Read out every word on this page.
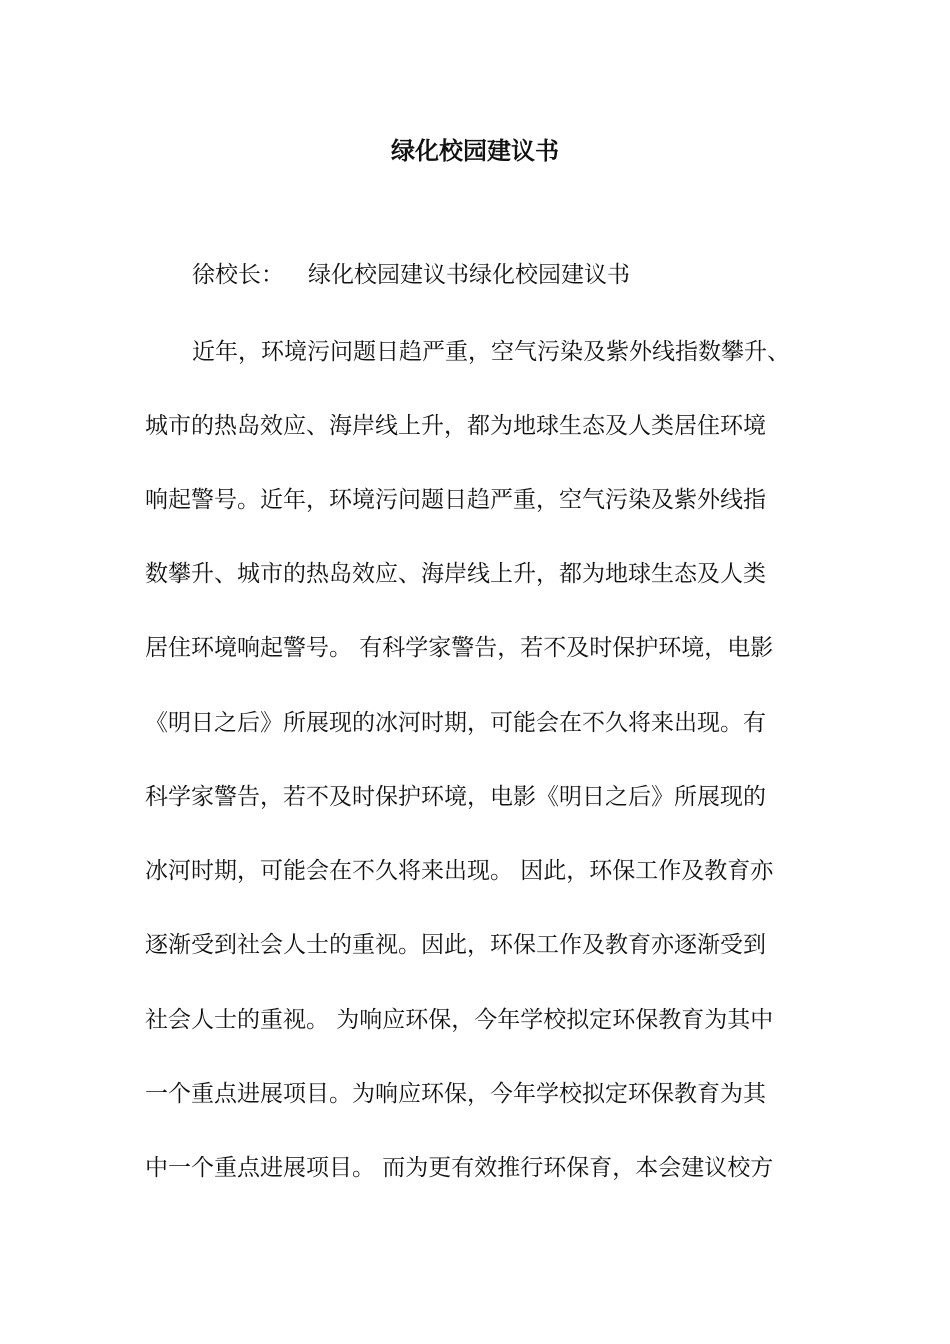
绿化校园建议书

徐校长： 绿化校园建议书绿化校园建议书

近年，环境污问题日趋严重，空气污染及紫外线指数攀升、

城市的热岛效应、海岸线上升，都为地球生态及人类居住环境

响起警号。近年，环境污问题日趋严重，空气污染及紫外线指

数攀升、城市的热岛效应、海岸线上升，都为地球生态及人类

居住环境响起警号。 有科学家警告，若不及时保护环境，电影

《明日之后》所展现的冰河时期，可能会在不久将来出现。有

科学家警告，若不及时保护环境，电影《明日之后》所展现的

冰河时期，可能会在不久将来出现。 因此，环保工作及教育亦

逐渐受到社会人士的重视。因此，环保工作及教育亦逐渐受到

社会人士的重视。 为响应环保，今年学校拟定环保教育为其中

一个重点进展项目。为响应环保，今年学校拟定环保教育为其

中一个重点进展项目。 而为更有效推行环保育，本会建议校方
